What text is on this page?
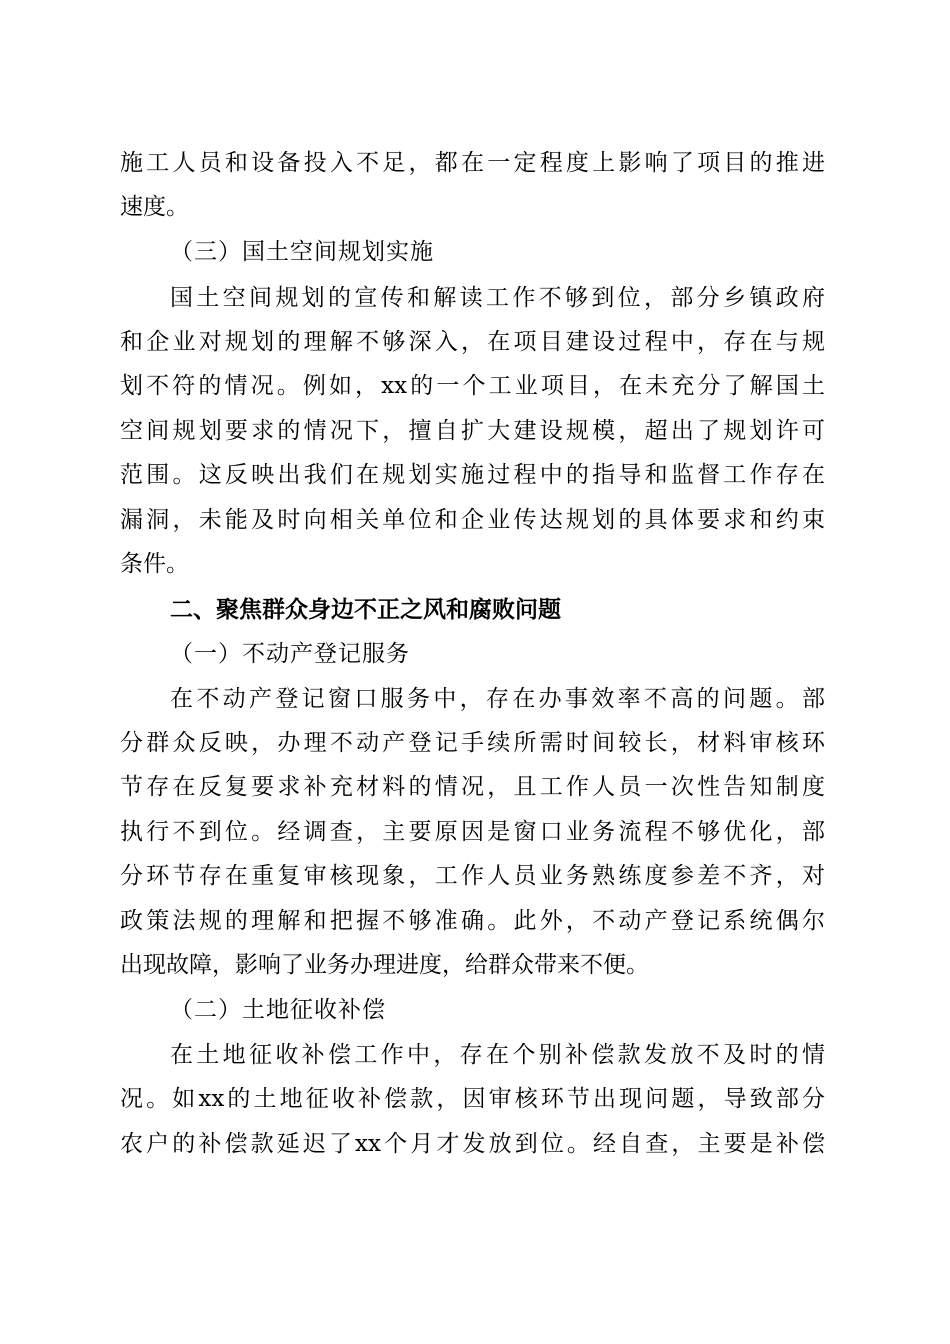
施工人员和设备投入不足，都在一定程度上影响了项目的推进
速度。
（三）国土空间规划实施
国土空间规划的宣传和解读工作不够到位，部分乡镇政府
和企业对规划的理解不够深入，在项目建设过程中，存在与规
划不符的情况。例如，xx的一个工业项目，在未充分了解国土
空间规划要求的情况下，擅自扩大建设规模，超出了规划许可
范围。这反映出我们在规划实施过程中的指导和监督工作存在
漏洞，未能及时向相关单位和企业传达规划的具体要求和约束
条件。
二、聚焦群众身边不正之风和腐败问题
（一）不动产登记服务
在不动产登记窗口服务中，存在办事效率不高的问题。部
分群众反映，办理不动产登记手续所需时间较长，材料审核环
节存在反复要求补充材料的情况，且工作人员一次性告知制度
执行不到位。经调查，主要原因是窗口业务流程不够优化，部
分环节存在重复审核现象，工作人员业务熟练度参差不齐，对
政策法规的理解和把握不够准确。此外，不动产登记系统偶尔
出现故障，影响了业务办理进度，给群众带来不便。
（二）土地征收补偿
在土地征收补偿工作中，存在个别补偿款发放不及时的情
况。如xx的土地征收补偿款，因审核环节出现问题，导致部分
农户的补偿款延迟了xx个月才发放到位。经自查，主要是补偿
